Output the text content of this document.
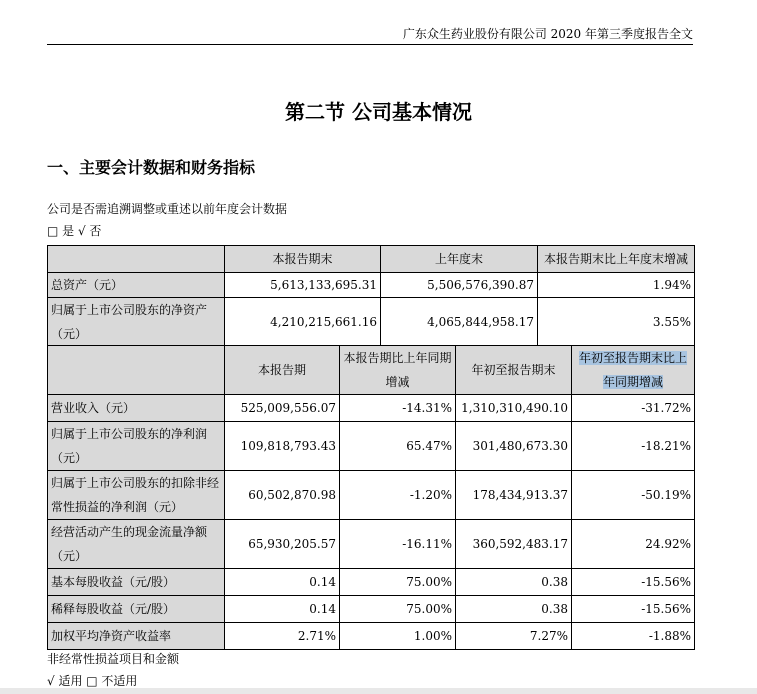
广东众生药业股份有限公司 2020 年第三季度报告全文
第二节 公司基本情况
一、主要会计数据和财务指标
公司是否需追溯调整或重述以前年度会计数据
□ 是 √ 否
	本报告期末	上年度末	本报告期末比上年度末增减
总资产（元）	5,613,133,695.31	5,506,576,390.87	1.94%
归属于上市公司股东的净资产（元）	4,210,215,661.16	4,065,844,958.17	3.55%
	本报告期	本报告期比上年同期增减	年初至报告期末	年初至报告期末比上年同期增减
营业收入（元）	525,009,556.07	-14.31%	1,310,310,490.10	-31.72%
归属于上市公司股东的净利润（元）	109,818,793.43	65.47%	301,480,673.30	-18.21%
归属于上市公司股东的扣除非经常性损益的净利润（元）	60,502,870.98	-1.20%	178,434,913.37	-50.19%
经营活动产生的现金流量净额（元）	65,930,205.57	-16.11%	360,592,483.17	24.92%
基本每股收益（元/股）	0.14	75.00%	0.38	-15.56%
稀释每股收益（元/股）	0.14	75.00%	0.38	-15.56%
加权平均净资产收益率	2.71%	1.00%	7.27%	-1.88%
非经常性损益项目和金额
√ 适用 □ 不适用
